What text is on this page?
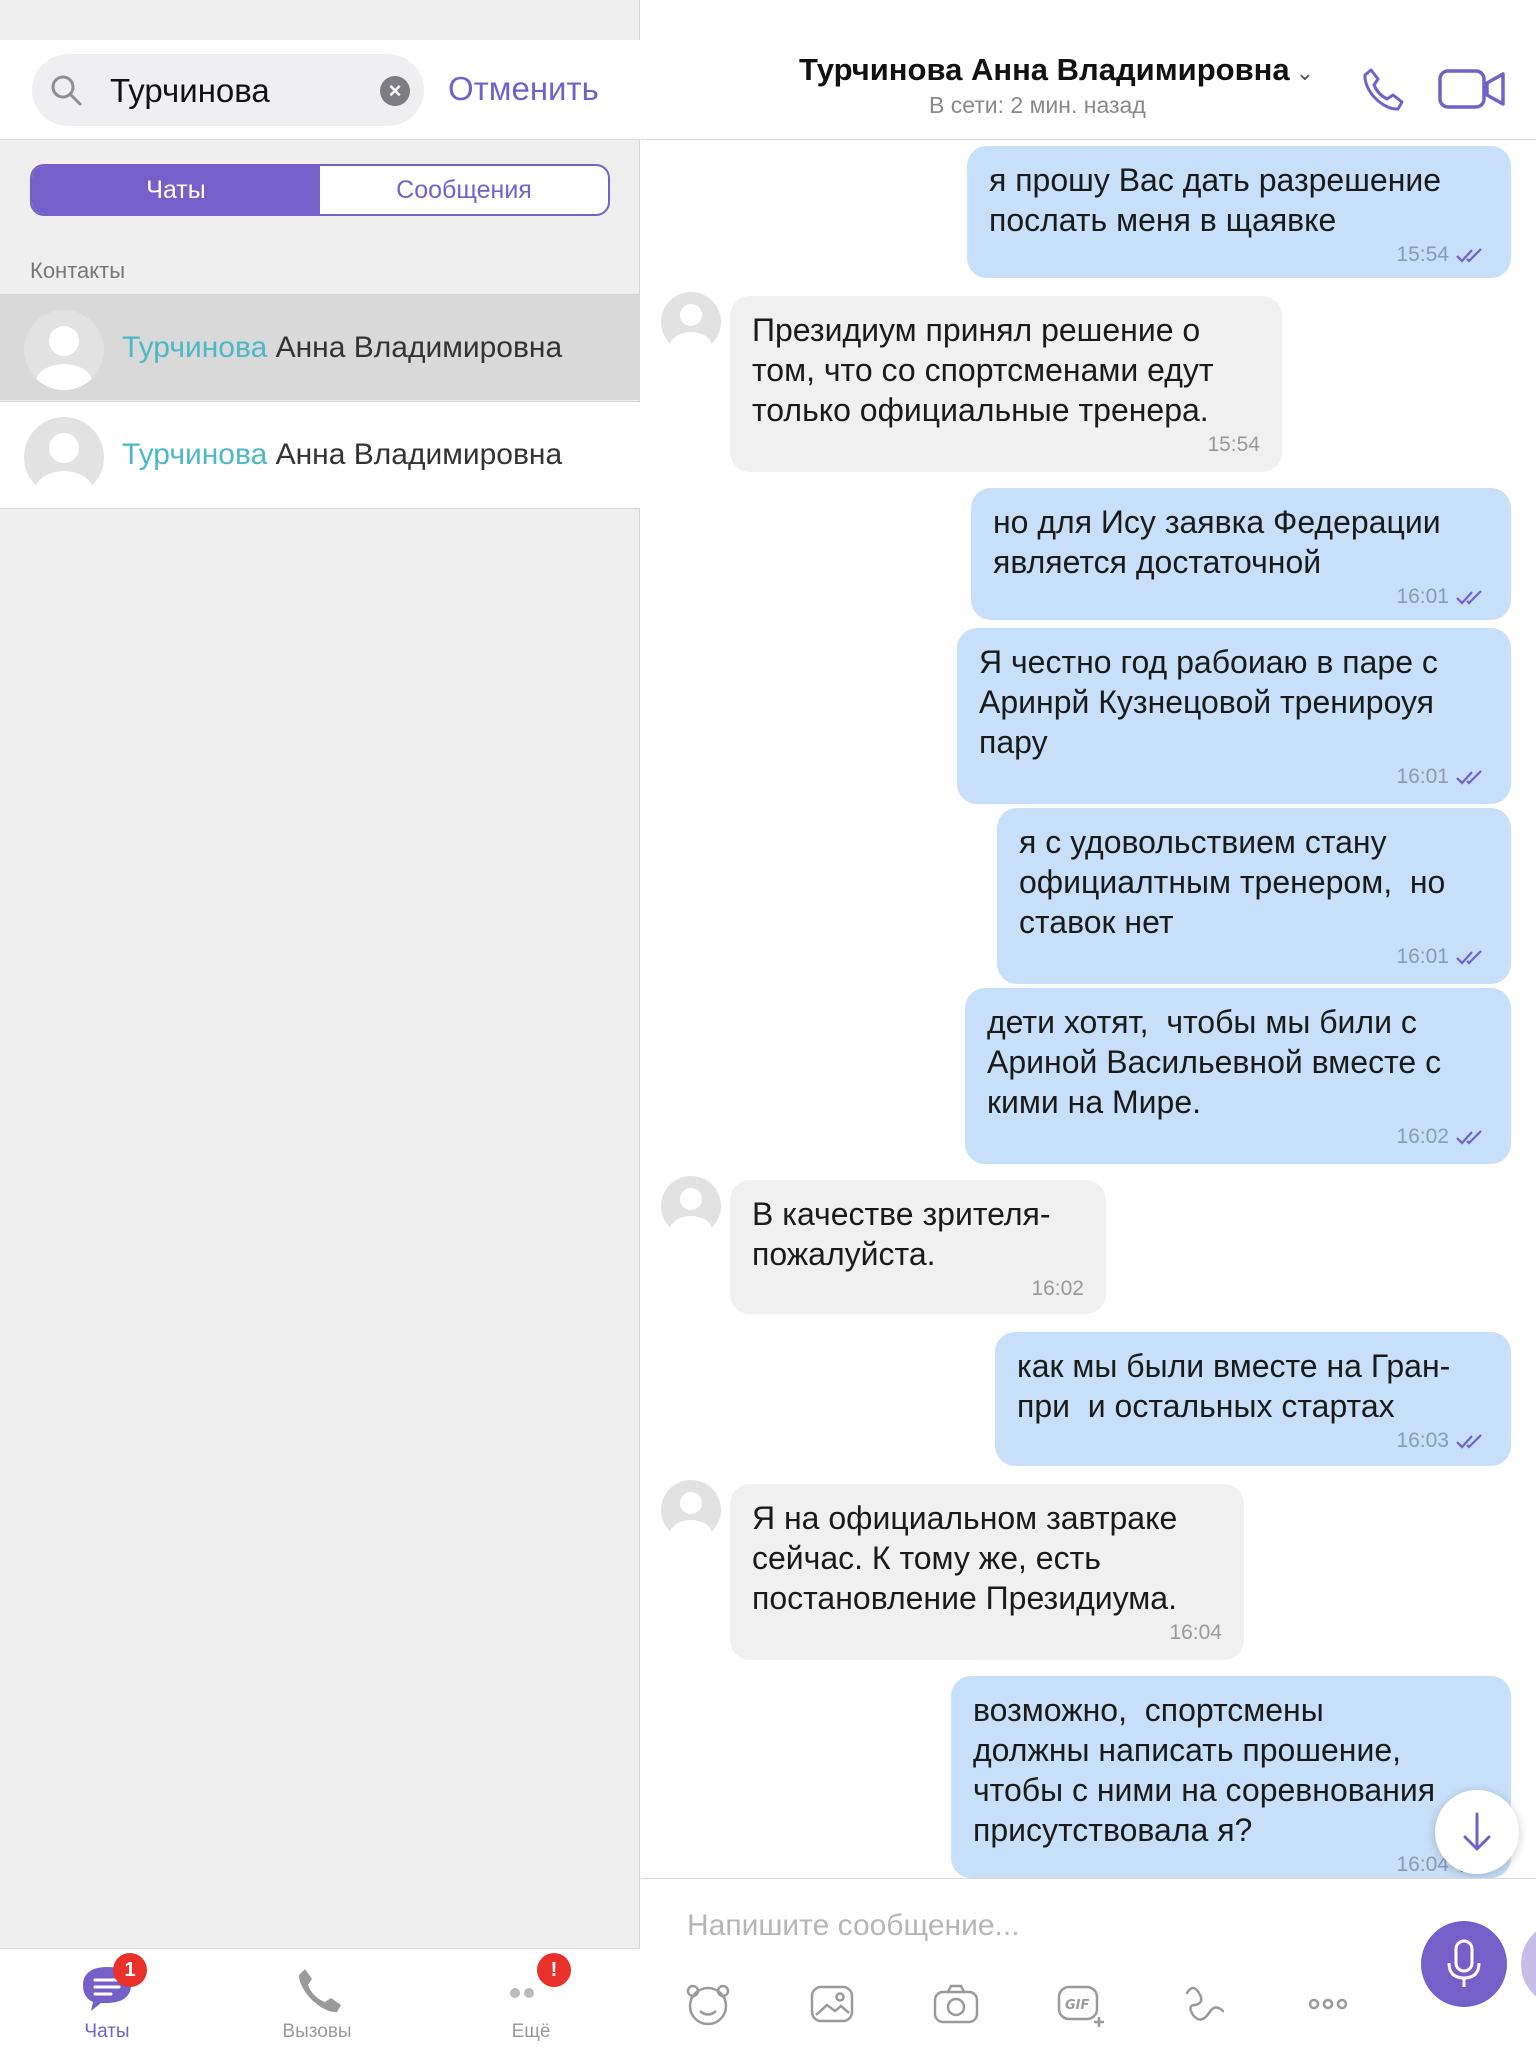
Турчинова	× Отменить
Чаты	Сообщения
Контакты
Турчинова Анна Владимировна
Турчинова Анна Владимировна
1
Чаты	Вызовы
!
Ещё
Турчинова Анна Владимировна ⌄
В сети: 2 мин. назад
я прошу Вас дать разрешение
послать меня в щаявке
15:54
Президиум принял решение о
том, что со спортсменами едут
только официальные тренера.
15:54
но для Ису заявка Федерации
является достаточной
16:01
Я честно год рабоиаю в паре с
Аринрй Кузнецовой тренироуя
пару
16:01
я с удовольствием стану
официалтным тренером,  но
ставок нет
16:01
дети хотят,  чтобы мы били с
Ариной Васильевной вместе с
кими на Мире.
16:02
В качестве зрителя-
пожалуйста.
16:02
как мы были вместе на Гран-
при  и остальных стартах
16:03
Я на официальном завтраке
сейчас. К тому же, есть
постановление Президиума.
16:04
возможно,  спортсмены
должны написать прошение,
чтобы с ними на соревнования
присутствовала я?
16:04
Напишите сообщение...
GIF
